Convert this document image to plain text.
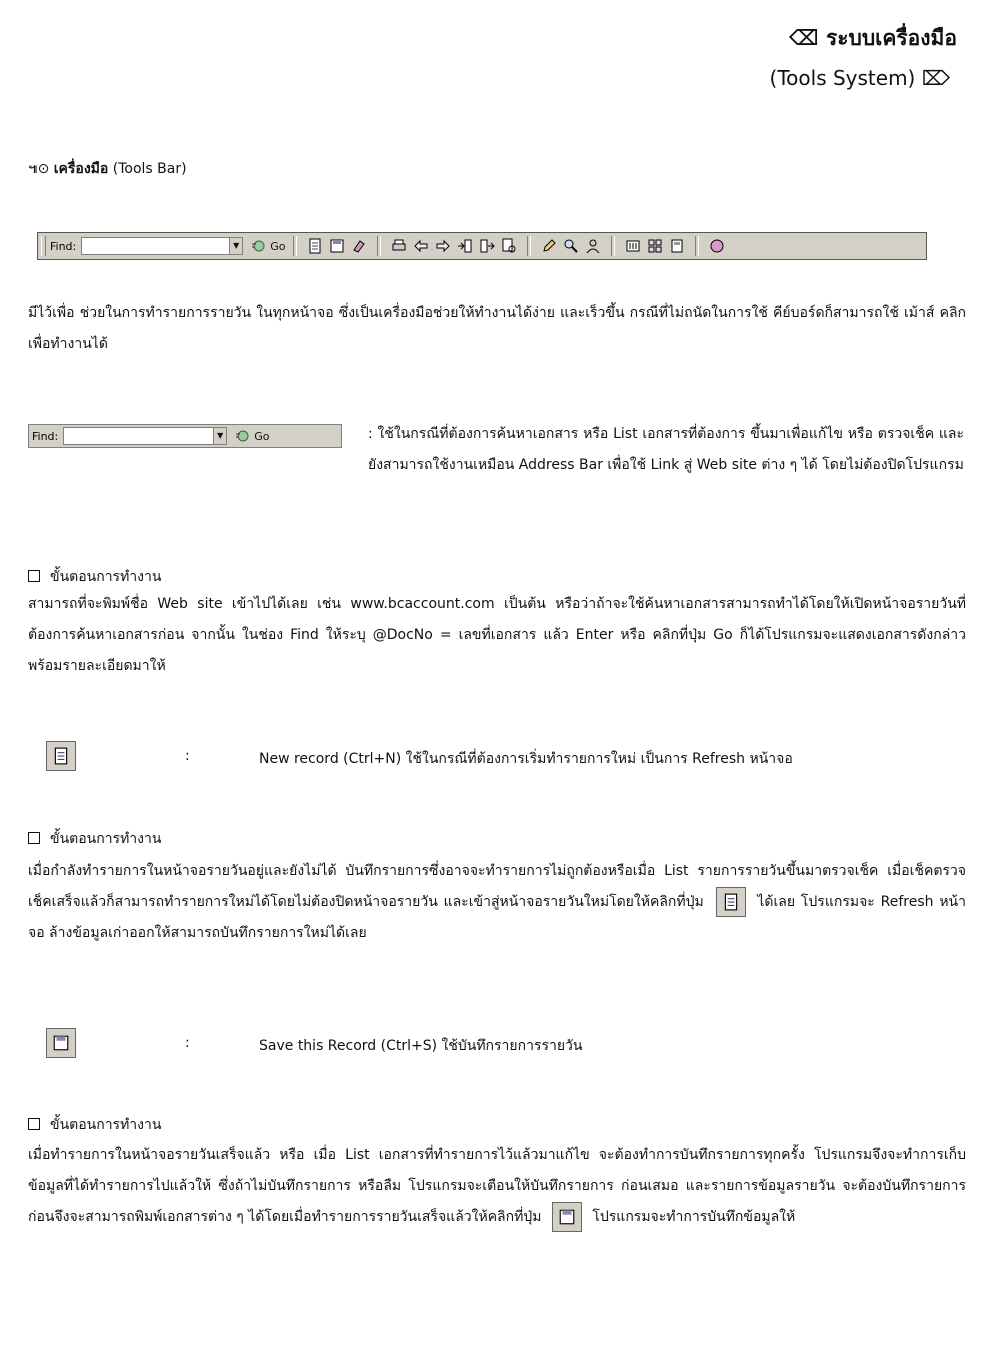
⌫ ระบบเครื่องมือ
(Tools System) ⌦
๚⊙ เครื่องมือ (Tools Bar)
Find:	▼	Go
มีไว้เพื่อ ช่วยในการทำรายการรายวัน ในทุกหน้าจอ ซึ่งเป็นเครื่องมือช่วยให้ทำงานได้ง่าย และเร็วขึ้น กรณีที่ไม่ถนัดในการใช้ คีย์บอร์ดก็สามารถใช้ เม้าส์ คลิกเพื่อทำงานได้
Find:	▼	Go	: ใช้ในกรณีที่ต้องการค้นหาเอกสาร หรือ List เอกสารที่ต้องการ ขึ้นมาเพื่อแก้ไข หรือ ตรวจเช็ค และ ยังสามารถใช้งานเหมือน Address Bar เพื่อใช้ Link สู่ Web site ต่าง ๆ ได้ โดยไม่ต้องปิดโปรแกรม
ขั้นตอนการทำงาน
สามารถที่จะพิมพ์ชื่อ Web site เข้าไปได้เลย เช่น www.bcaccount.com เป็นต้น หรือว่าถ้าจะใช้ค้นหาเอกสารสามารถทำได้โดยให้เปิดหน้าจอรายวันที่ต้องการค้นหาเอกสารก่อน จากนั้น ในช่อง Find ให้ระบุ @DocNo = เลขที่เอกสาร แล้ว Enter หรือ คลิกที่ปุ่ม Go ก็ได้โปรแกรมจะแสดงเอกสารดังกล่าวพร้อมรายละเอียดมาให้
:	New record (Ctrl+N) ใช้ในกรณีที่ต้องการเริ่มทำรายการใหม่ เป็นการ Refresh หน้าจอ
ขั้นตอนการทำงาน
เมื่อกำลังทำรายการในหน้าจอรายวันอยู่และยังไม่ได้ บันทึกรายการซึ่งอาจจะทำรายการไม่ถูกต้องหรือเมื่อ List รายการรายวันขึ้นมาตรวจเช็ค เมื่อเช็คตรวจเช็คเสร็จแล้วก็สามารถทำรายการใหม่ได้โดยไม่ต้องปิดหน้าจอรายวัน และเข้าสู่หน้าจอรายวันใหม่โดยให้คลิกที่ปุ่ม	ได้เลย โปรแกรมจะ Refresh หน้าจอ ล้างข้อมูลเก่าออกให้สามารถบันทึกรายการใหม่ได้เลย
:	Save this Record (Ctrl+S) ใช้บันทึกรายการรายวัน
ขั้นตอนการทำงาน
เมื่อทำรายการในหน้าจอรายวันเสร็จแล้ว หรือ เมื่อ List เอกสารที่ทำรายการไว้แล้วมาแก้ไข จะต้องทำการบันทึกรายการทุกครั้ง โปรแกรมจึงจะทำการเก็บข้อมูลที่ได้ทำรายการไปแล้วให้ ซึ่งถ้าไม่บันทึกรายการ หรือลืม โปรแกรมจะเตือนให้บันทึกรายการ ก่อนเสมอ และรายการข้อมูลรายวัน จะต้องบันทึกรายการก่อนจึงจะสามารถพิมพ์เอกสารต่าง ๆ ได้โดยเมื่อทำรายการรายวันเสร็จแล้วให้คลิกที่ปุ่ม	โปรแกรมจะทำการบันทึกข้อมูลให้
